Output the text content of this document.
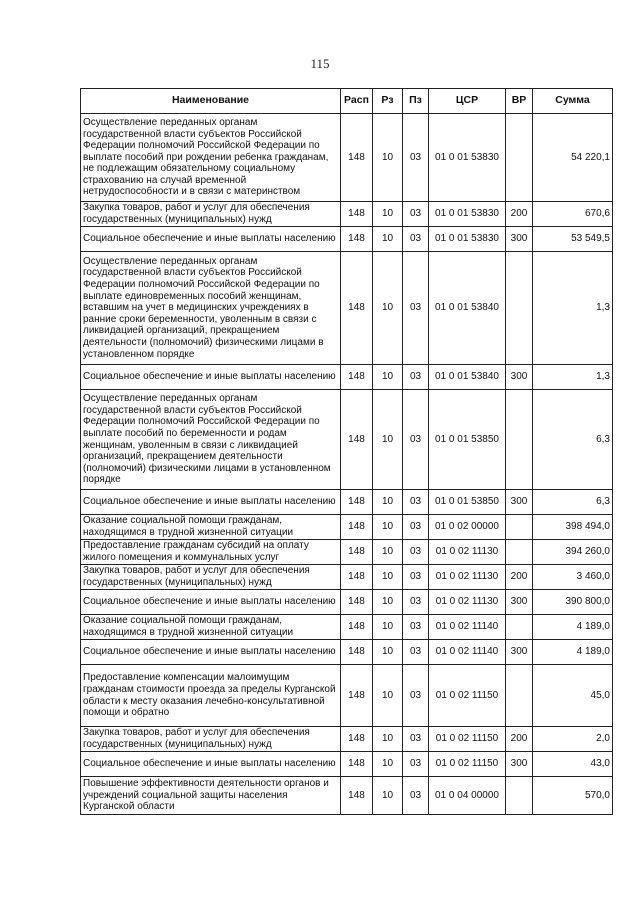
115
Наименование	Расп	Рз	Пз	ЦСР	ВР	Сумма
Осуществление переданных органам государственной власти субъектов Российской Федерации полномочий Российской Федерации по выплате пособий при рождении ребенка гражданам, не подлежащим обязательному социальному страхованию на случай временной нетрудоспособности и в связи с материнством	148	10	03	01 0 01 53830		54 220,1
Закупка товаров, работ и услуг для обеспечения государственных (муниципальных) нужд	148	10	03	01 0 01 53830	200	670,6
Социальное обеспечение и иные выплаты населению	148	10	03	01 0 01 53830	300	53 549,5
Осуществление переданных органам государственной власти субъектов Российской Федерации полномочий Российской Федерации по выплате единовременных пособий женщинам, вставшим на учет в медицинских учреждениях в ранние сроки беременности, уволенным в связи с ликвидацией организаций, прекращением деятельности (полномочий) физическими лицами в установленном порядке	148	10	03	01 0 01 53840		1,3
Социальное обеспечение и иные выплаты населению	148	10	03	01 0 01 53840	300	1,3
Осуществление переданных органам государственной власти субъектов Российской Федерации полномочий Российской Федерации по выплате пособий по беременности и родам женщинам, уволенным в связи с ликвидацией организаций, прекращением деятельности (полномочий) физическими лицами в установленном порядке	148	10	03	01 0 01 53850		6,3
Социальное обеспечение и иные выплаты населению	148	10	03	01 0 01 53850	300	6,3
Оказание социальной помощи гражданам, находящимся в трудной жизненной ситуации	148	10	03	01 0 02 00000		398 494,0
Предоставление гражданам субсидий на оплату жилого помещения и коммунальных услуг	148	10	03	01 0 02 11130		394 260,0
Закупка товаров, работ и услуг для обеспечения государственных (муниципальных) нужд	148	10	03	01 0 02 11130	200	3 460,0
Социальное обеспечение и иные выплаты населению	148	10	03	01 0 02 11130	300	390 800,0
Оказание социальной помощи гражданам, находящимся в трудной жизненной ситуации	148	10	03	01 0 02 11140		4 189,0
Социальное обеспечение и иные выплаты населению	148	10	03	01 0 02 11140	300	4 189,0
Предоставление компенсации малоимущим гражданам стоимости проезда за пределы Курганской области к месту оказания лечебно-консультативной помощи и обратно	148	10	03	01 0 02 11150		45,0
Закупка товаров, работ и услуг для обеспечения государственных (муниципальных) нужд	148	10	03	01 0 02 11150	200	2,0
Социальное обеспечение и иные выплаты населению	148	10	03	01 0 02 11150	300	43,0
Повышение эффективности деятельности органов и учреждений социальной защиты населения Курганской области	148	10	03	01 0 04 00000		570,0
